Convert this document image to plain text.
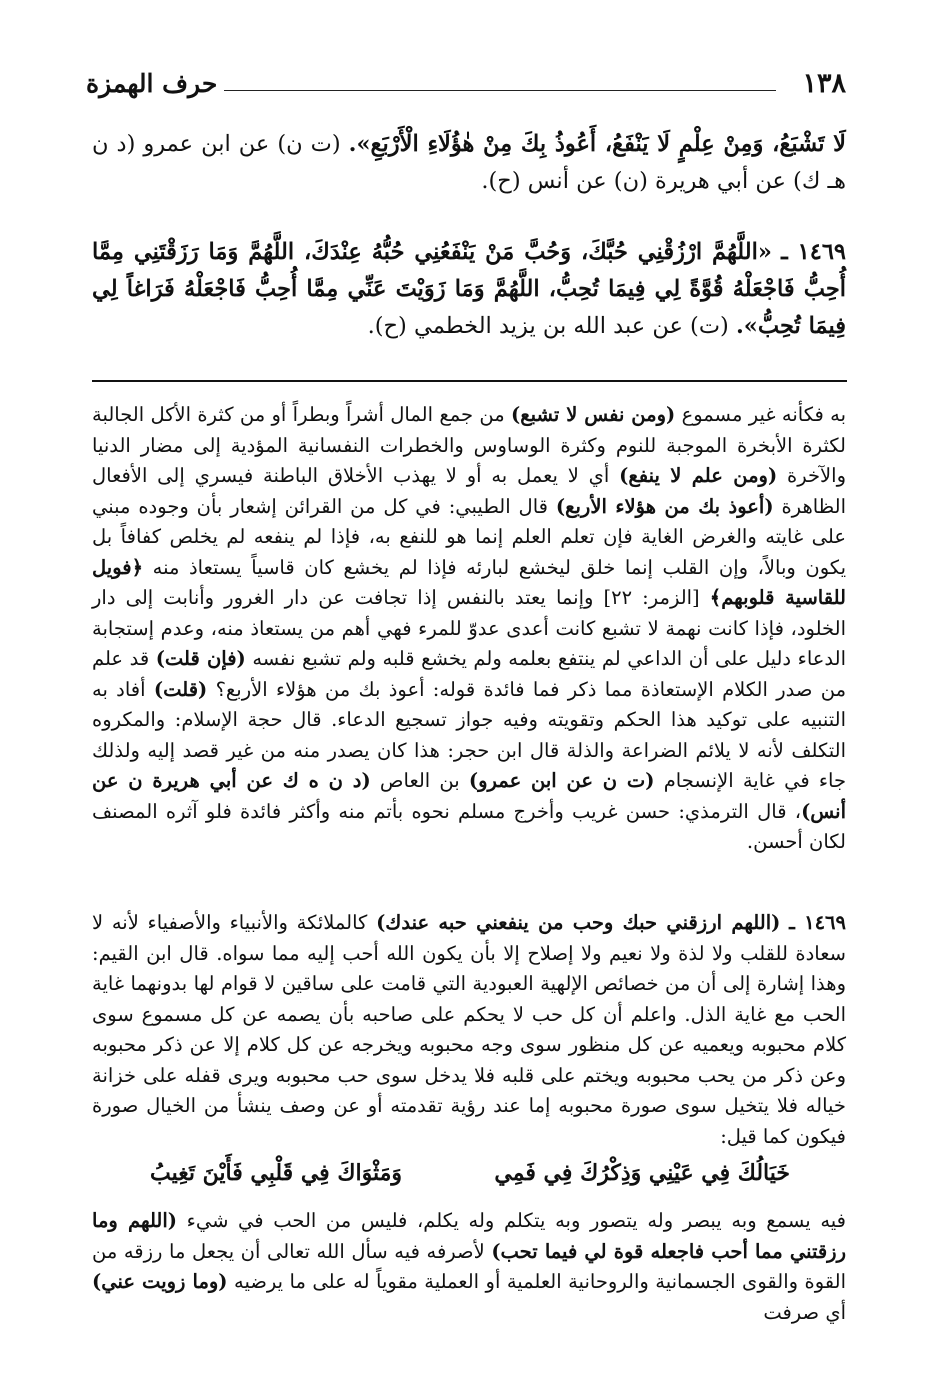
١٣٨
حرف الهمزة
لَا تَشْبَعُ، وَمِنْ عِلْمٍ لَا يَنْفَعُ، أَعُوذُ بِكَ مِنْ هٰؤُلَاءِ الْأَرْبَعِ». (ت ن) عن ابن عمرو (د ن هـ ك) عن أبي هريرة (ن) عن أنس (ح).
١٤٦٩ ـ «اللَّهُمَّ ارْزُقْنِي حُبَّكَ، وَحُبَّ مَنْ يَنْفَعُنِي حُبُّهُ عِنْدَكَ، اللَّهُمَّ وَمَا رَزَقْتَنِي مِمَّا أُحِبُّ فَاجْعَلْهُ قُوَّةً لِي فِيمَا تُحِبُّ، اللَّهُمَّ وَمَا زَوَيْتَ عَنِّي مِمَّا أُحِبُّ فَاجْعَلْهُ فَرَاغاً لِي فِيمَا تُحِبُّ». (ت) عن عبد الله بن يزيد الخطمي (ح).
به فكأنه غير مسموع (ومن نفس لا تشبع) من جمع المال أشراً وبطراً أو من كثرة الأكل الجالبة لكثرة الأبخرة الموجبة للنوم وكثرة الوساوس والخطرات النفسانية المؤدية إلى مضار الدنيا والآخرة (ومن علم لا ينفع) أي لا يعمل به أو لا يهذب الأخلاق الباطنة فيسري إلى الأفعال الظاهرة (أعوذ بك من هؤلاء الأربع) قال الطيبي: في كل من القرائن إشعار بأن وجوده مبني على غايته والغرض الغاية فإن تعلم العلم إنما هو للنفع به، فإذا لم ينفعه لم يخلص كفافاً بل يكون وبالاً، وإن القلب إنما خلق ليخشع لبارئه فإذا لم يخشع كان قاسياً يستعاذ منه ﴿فويل للقاسية قلوبهم﴾ [الزمر: ٢٢] وإنما يعتد بالنفس إذا تجافت عن دار الغرور وأنابت إلى دار الخلود، فإذا كانت نهمة لا تشبع كانت أعدى عدوّ للمرء فهي أهم من يستعاذ منه، وعدم إستجابة الدعاء دليل على أن الداعي لم ينتفع بعلمه ولم يخشع قلبه ولم تشبع نفسه (فإن قلت) قد علم من صدر الكلام الإستعاذة مما ذكر فما فائدة قوله: أعوذ بك من هؤلاء الأربع؟ (قلت) أفاد به التنبيه على توكيد هذا الحكم وتقويته وفيه جواز تسجيع الدعاء. قال حجة الإسلام: والمكروه التكلف لأنه لا يلائم الضراعة والذلة قال ابن حجر: هذا كان يصدر منه من غير قصد إليه ولذلك جاء في غاية الإنسجام (ت ن عن ابن عمرو) بن العاص (د ن ه ك عن أبي هريرة ن عن أنس)، قال الترمذي: حسن غريب وأخرج مسلم نحوه بأتم منه وأكثر فائدة فلو آثره المصنف لكان أحسن.
١٤٦٩ ـ (اللهم ارزقني حبك وحب من ينفعني حبه عندك) كالملائكة والأنبياء والأصفياء لأنه لا سعادة للقلب ولا لذة ولا نعيم ولا إصلاح إلا بأن يكون الله أحب إليه مما سواه. قال ابن القيم: وهذا إشارة إلى أن من خصائص الإلهية العبودية التي قامت على ساقين لا قوام لها بدونهما غاية الحب مع غاية الذل. واعلم أن كل حب لا يحكم على صاحبه بأن يصمه عن كل مسموع سوى كلام محبوبه ويعميه عن كل منظور سوى وجه محبوبه ويخرجه عن كل كلام إلا عن ذكر محبوبه وعن ذكر من يحب محبوبه ويختم على قلبه فلا يدخل سوى حب محبوبه ويرى قفله على خزانة خياله فلا يتخيل سوى صورة محبوبه إما عند رؤية تقدمته أو عن وصف ينشأ من الخيال صورة فيكون كما قيل:
خَيَالُكَ فِي عَيْنِي وَذِكْرُكَ فِي فَمِي
وَمَثْوَاكَ فِي قَلْبِي فَأَيْنَ تَغِيبُ
فيه يسمع وبه يبصر وله يتصور وبه يتكلم وله يكلم، فليس من الحب في شيء (اللهم وما رزقتني مما أحب فاجعله قوة لي فيما تحب) لأصرفه فيه سأل الله تعالى أن يجعل ما رزقه من القوة والقوى الجسمانية والروحانية العلمية أو العملية مقوياً له على ما يرضيه (وما زويت عني) أي صرفت
